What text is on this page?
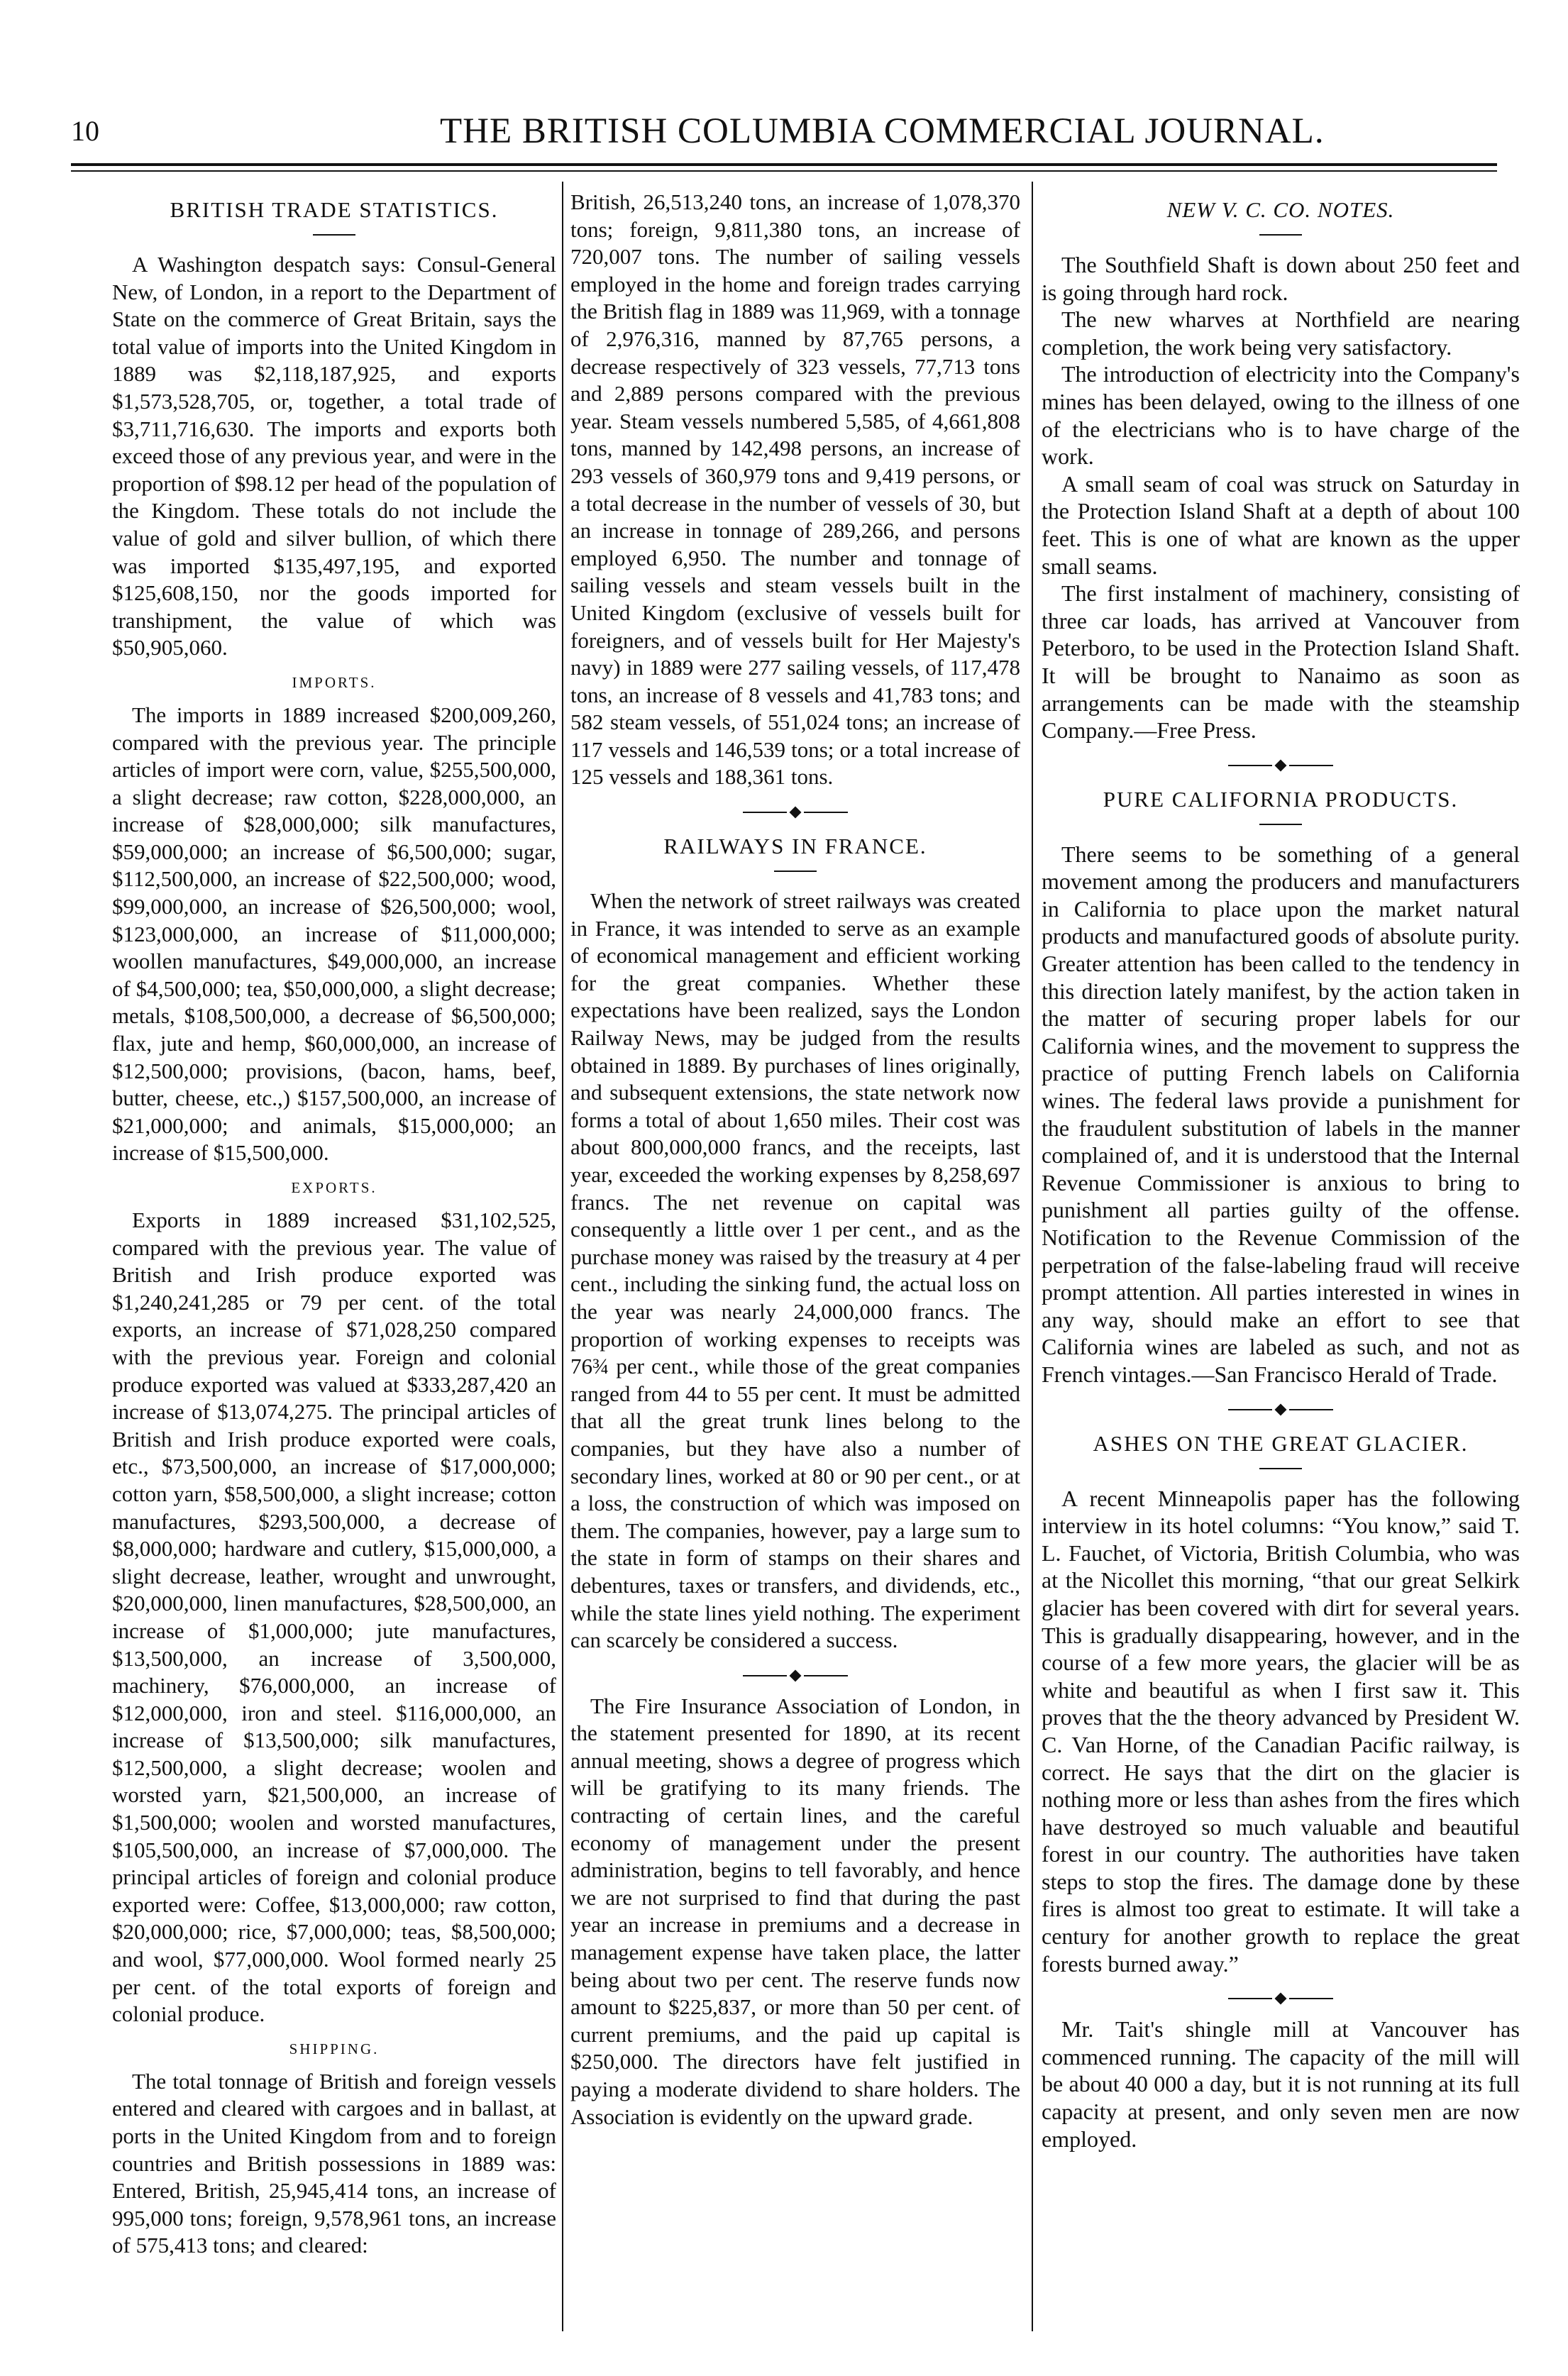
10	THE BRITISH COLUMBIA COMMERCIAL JOURNAL.
BRITISH TRADE STATISTICS.

A Washington despatch says: Consul-General New, of London, in a report to the Department of State on the commerce of Great Britain, says the total value of imports into the United Kingdom in 1889 was $2,118,187,925, and exports $1,573,528,705, or, together, a total trade of $3,711,716,630. The imports and exports both exceed those of any previous year, and were in the proportion of $98.12 per head of the population of the Kingdom. These totals do not include the value of gold and silver bullion, of which there was imported $135,497,195, and exported $125,608,150, nor the goods imported for transhipment, the value of which was $50,905,060.

IMPORTS.

The imports in 1889 increased $200,009,260, compared with the previous year. The principle articles of import were corn, value, $255,500,000, a slight decrease; raw cotton, $228,000,000, an increase of $28,000,000; silk manufactures, $59,000,000; an increase of $6,500,000; sugar, $112,500,000, an increase of $22,500,000; wood, $99,000,000, an increase of $26,500,000; wool, $123,000,000, an increase of $11,000,000; woollen manufactures, $49,000,000, an increase of $4,500,000; tea, $50,000,000, a slight decrease; metals, $108,500,000, a decrease of $6,500,000; flax, jute and hemp, $60,000,000, an increase of $12,500,000; provisions, (bacon, hams, beef, butter, cheese, etc.,) $157,500,000, an increase of $21,000,000; and animals, $15,000,000; an increase of $15,500,000.

EXPORTS.

Exports in 1889 increased $31,102,525, compared with the previous year. The value of British and Irish produce exported was $1,240,241,285 or 79 per cent. of the total exports, an increase of $71,028,250 compared with the previous year. Foreign and colonial produce exported was valued at $333,287,420 an increase of $13,074,275. The principal articles of British and Irish produce exported were coals, etc., $73,500,000, an increase of $17,000,000; cotton yarn, $58,500,000, a slight increase; cotton manufactures, $293,500,000, a decrease of $8,000,000; hardware and cutlery, $15,000,000, a slight decrease, leather, wrought and unwrought, $20,000,000, linen manufactures, $28,500,000, an increase of $1,000,000; jute manufactures, $13,500,000, an increase of 3,500,000, machinery, $76,000,000, an increase of $12,000,000, iron and steel. $116,000,000, an increase of $13,500,000; silk manufactures, $12,500,000, a slight decrease; woolen and worsted yarn, $21,500,000, an increase of $1,500,000; woolen and worsted manufactures, $105,500,000, an increase of $7,000,000. The principal articles of foreign and colonial produce exported were: Coffee, $13,000,000; raw cotton, $20,000,000; rice, $7,000,000; teas, $8,500,000; and wool, $77,000,000. Wool formed nearly 25 per cent. of the total exports of foreign and colonial produce.

SHIPPING.

The total tonnage of British and foreign vessels entered and cleared with cargoes and in ballast, at ports in the United Kingdom from and to foreign countries and British possessions in 1889 was: Entered, British, 25,945,414 tons, an increase of 995,000 tons; foreign, 9,578,961 tons, an increase of 575,413 tons; and cleared:

British, 26,513,240 tons, an increase of 1,078,370 tons; foreign, 9,811,380 tons, an increase of 720,007 tons. The number of sailing vessels employed in the home and foreign trades carrying the British flag in 1889 was 11,969, with a tonnage of 2,976,316, manned by 87,765 persons, a decrease respectively of 323 vessels, 77,713 tons and 2,889 persons compared with the previous year. Steam vessels numbered 5,585, of 4,661,808 tons, manned by 142,498 persons, an increase of 293 vessels of 360,979 tons and 9,419 persons, or a total decrease in the number of vessels of 30, but an increase in tonnage of 289,266, and persons employed 6,950. The number and tonnage of sailing vessels and steam vessels built in the United Kingdom (exclusive of vessels built for foreigners, and of vessels built for Her Majesty's navy) in 1889 were 277 sailing vessels, of 117,478 tons, an increase of 8 vessels and 41,783 tons; and 582 steam vessels, of 551,024 tons; an increase of 117 vessels and 146,539 tons; or a total increase of 125 vessels and 188,361 tons.

RAILWAYS IN FRANCE.

When the network of street railways was created in France, it was intended to serve as an example of economical management and efficient working for the great companies. Whether these expectations have been realized, says the London Railway News, may be judged from the results obtained in 1889. By purchases of lines originally, and subsequent extensions, the state network now forms a total of about 1,650 miles. Their cost was about 800,000,000 francs, and the receipts, last year, exceeded the working expenses by 8,258,697 francs. The net revenue on capital was consequently a little over 1 per cent., and as the purchase money was raised by the treasury at 4 per cent., including the sinking fund, the actual loss on the year was nearly 24,000,000 francs. The proportion of working expenses to receipts was 76¾ per cent., while those of the great companies ranged from 44 to 55 per cent. It must be admitted that all the great trunk lines belong to the companies, but they have also a number of secondary lines, worked at 80 or 90 per cent., or at a loss, the construction of which was imposed on them. The companies, however, pay a large sum to the state in form of stamps on their shares and debentures, taxes or transfers, and dividends, etc., while the state lines yield nothing. The experiment can scarcely be considered a success.

The Fire Insurance Association of London, in the statement presented for 1890, at its recent annual meeting, shows a degree of progress which will be gratifying to its many friends. The contracting of certain lines, and the careful economy of management under the present administration, begins to tell favorably, and hence we are not surprised to find that during the past year an increase in premiums and a decrease in management expense have taken place, the latter being about two per cent. The reserve funds now amount to $225,837, or more than 50 per cent. of current premiums, and the paid up capital is $250,000. The directors have felt justified in paying a moderate dividend to share holders. The Association is evidently on the upward grade.

NEW V. C. CO. NOTES.

The Southfield Shaft is down about 250 feet and is going through hard rock.

The new wharves at Northfield are nearing completion, the work being very satisfactory.

The introduction of electricity into the Company's mines has been delayed, owing to the illness of one of the electricians who is to have charge of the work.

A small seam of coal was struck on Saturday in the Protection Island Shaft at a depth of about 100 feet. This is one of what are known as the upper small seams.

The first instalment of machinery, consisting of three car loads, has arrived at Vancouver from Peterboro, to be used in the Protection Island Shaft. It will be brought to Nanaimo as soon as arrangements can be made with the steamship Company.—Free Press.

PURE CALIFORNIA PRODUCTS.

There seems to be something of a general movement among the producers and manufacturers in California to place upon the market natural products and manufactured goods of absolute purity. Greater attention has been called to the tendency in this direction lately manifest, by the action taken in the matter of securing proper labels for our California wines, and the movement to suppress the practice of putting French labels on California wines. The federal laws provide a punishment for the fraudulent substitution of labels in the manner complained of, and it is understood that the Internal Revenue Commissioner is anxious to bring to punishment all parties guilty of the offense. Notification to the Revenue Commission of the perpetration of the false-labeling fraud will receive prompt attention. All parties interested in wines in any way, should make an effort to see that California wines are labeled as such, and not as French vintages.—San Francisco Herald of Trade.

ASHES ON THE GREAT GLACIER.

A recent Minneapolis paper has the following interview in its hotel columns: “You know,” said T. L. Fauchet, of Victoria, British Columbia, who was at the Nicollet this morning, “that our great Selkirk glacier has been covered with dirt for several years. This is gradually disappearing, however, and in the course of a few more years, the glacier will be as white and beautiful as when I first saw it. This proves that the the theory advanced by President W. C. Van Horne, of the Canadian Pacific railway, is correct. He says that the dirt on the glacier is nothing more or less than ashes from the fires which have destroyed so much valuable and beautiful forest in our country. The authorities have taken steps to stop the fires. The damage done by these fires is almost too great to estimate. It will take a century for another growth to replace the great forests burned away.”

Mr. Tait's shingle mill at Vancouver has commenced running. The capacity of the mill will be about 40 000 a day, but it is not running at its full capacity at present, and only seven men are now employed.
